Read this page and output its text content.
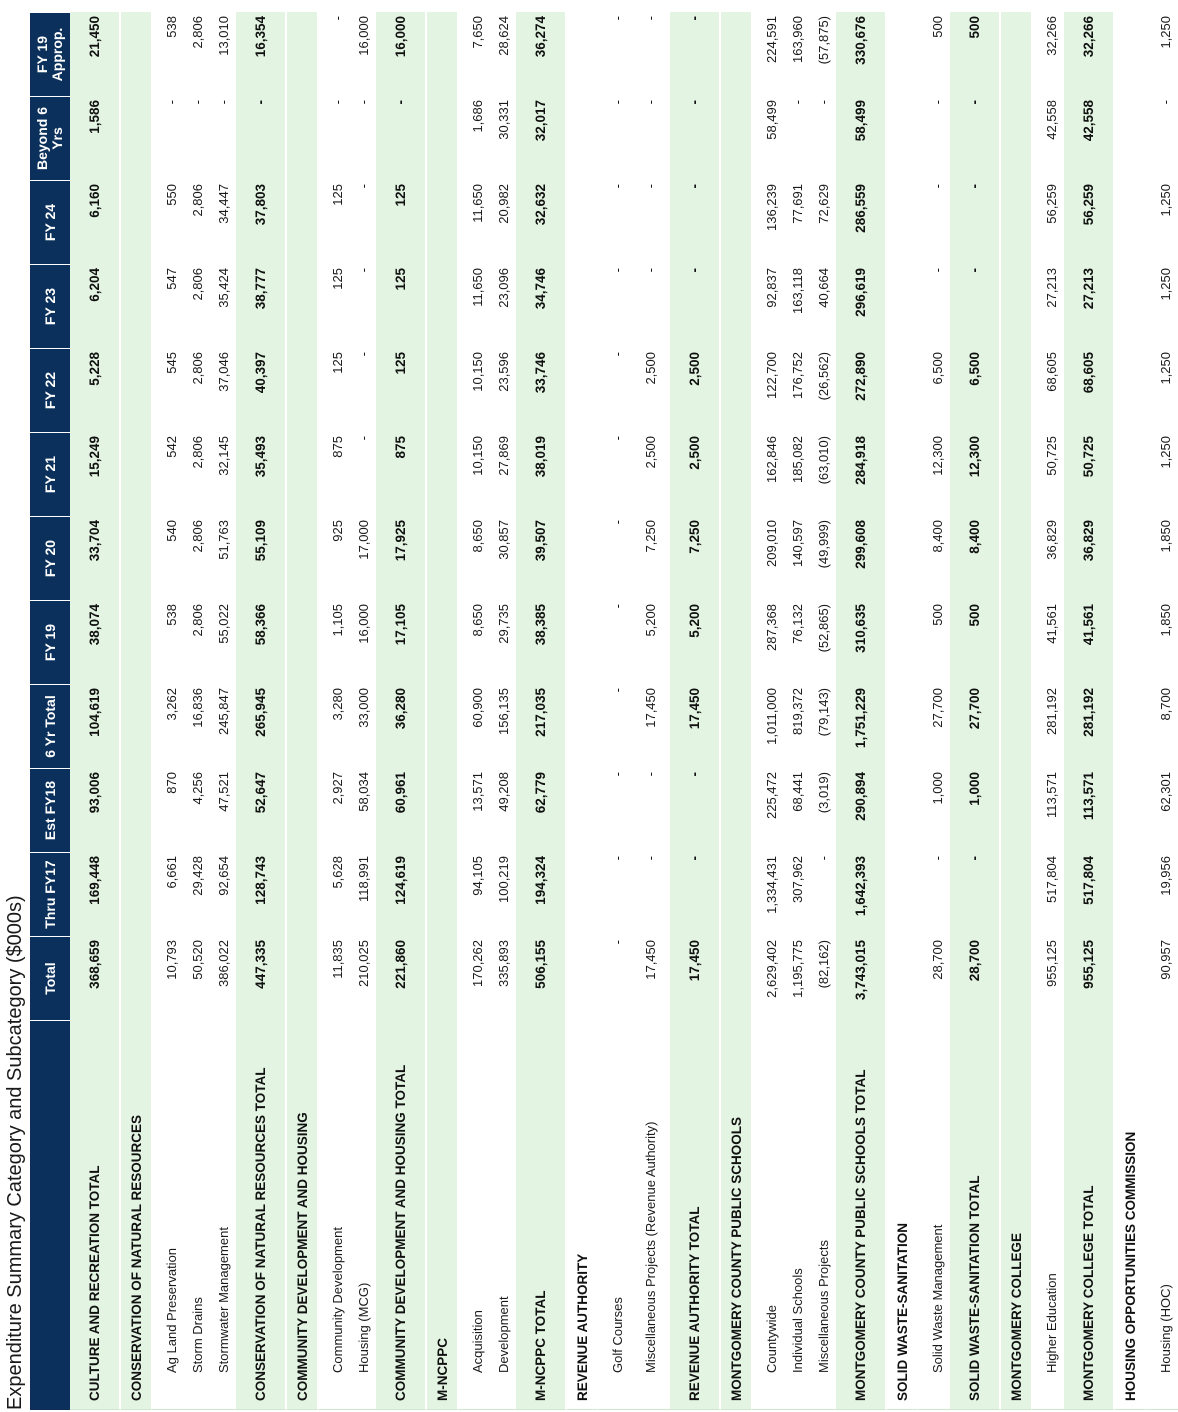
Expenditure Summary Category and Subcategory ($000s)
	Total	Thru FY17	Est FY18	6 Yr Total	FY 19	FY 20	FY 21	FY 22	FY 23	FY 24	Beyond 6 Yrs	FY 19 Approp.
CULTURE AND RECREATION TOTAL	368,659	169,448	93,006	104,619	38,074	33,704	15,249	5,228	6,204	6,160	1,586	21,450
CONSERVATION OF NATURAL RESOURCES												
Ag Land Preservation	10,793	6,661	870	3,262	538	540	542	545	547	550	-	538
Storm Drains	50,520	29,428	4,256	16,836	2,806	2,806	2,806	2,806	2,806	2,806	-	2,806
Stormwater Management	386,022	92,654	47,521	245,847	55,022	51,763	32,145	37,046	35,424	34,447	-	13,010
CONSERVATION OF NATURAL RESOURCES TOTAL	447,335	128,743	52,647	265,945	58,366	55,109	35,493	40,397	38,777	37,803	-	16,354
COMMUNITY DEVELOPMENT AND HOUSING												
Community Development	11,835	5,628	2,927	3,280	1,105	925	875	125	125	125	-	-
Housing (MCG)	210,025	118,991	58,034	33,000	16,000	17,000	-	-	-	-	-	16,000
COMMUNITY DEVELOPMENT AND HOUSING TOTAL	221,860	124,619	60,961	36,280	17,105	17,925	875	125	125	125	-	16,000
M-NCPPC												
Acquisition	170,262	94,105	13,571	60,900	8,650	8,650	10,150	10,150	11,650	11,650	1,686	7,650
Development	335,893	100,219	49,208	156,135	29,735	30,857	27,869	23,596	23,096	20,982	30,331	28,624
M-NCPPC TOTAL	506,155	194,324	62,779	217,035	38,385	39,507	38,019	33,746	34,746	32,632	32,017	36,274
REVENUE AUTHORITY												
Golf Courses	-	-	-	-	-	-	-	-	-	-	-	-
Miscellaneous Projects (Revenue Authority)	17,450	-	-	17,450	5,200	7,250	2,500	2,500	-	-	-	-
REVENUE AUTHORITY TOTAL	17,450	-	-	17,450	5,200	7,250	2,500	2,500	-	-	-	-
MONTGOMERY COUNTY PUBLIC SCHOOLS												
Countywide	2,629,402	1,334,431	225,472	1,011,000	287,368	209,010	162,846	122,700	92,837	136,239	58,499	224,591
Individual Schools	1,195,775	307,962	68,441	819,372	76,132	140,597	185,082	176,752	163,118	77,691	-	163,960
Miscellaneous Projects	(82,162)	-	(3,019)	(79,143)	(52,865)	(49,999)	(63,010)	(26,562)	40,664	72,629	-	(57,875)
MONTGOMERY COUNTY PUBLIC SCHOOLS TOTAL	3,743,015	1,642,393	290,894	1,751,229	310,635	299,608	284,918	272,890	296,619	286,559	58,499	330,676
SOLID WASTE-SANITATION												
Solid Waste Management	28,700	-	1,000	27,700	500	8,400	12,300	6,500	-	-	-	500
SOLID WASTE-SANITATION TOTAL	28,700	-	1,000	27,700	500	8,400	12,300	6,500	-	-	-	500
MONTGOMERY COLLEGE												
Higher Education	955,125	517,804	113,571	281,192	41,561	36,829	50,725	68,605	27,213	56,259	42,558	32,266
MONTGOMERY COLLEGE TOTAL	955,125	517,804	113,571	281,192	41,561	36,829	50,725	68,605	27,213	56,259	42,558	32,266
HOUSING OPPORTUNITIES COMMISSION												
Housing (HOC)	90,957	19,956	62,301	8,700	1,850	1,850	1,250	1,250	1,250	1,250	-	1,250
